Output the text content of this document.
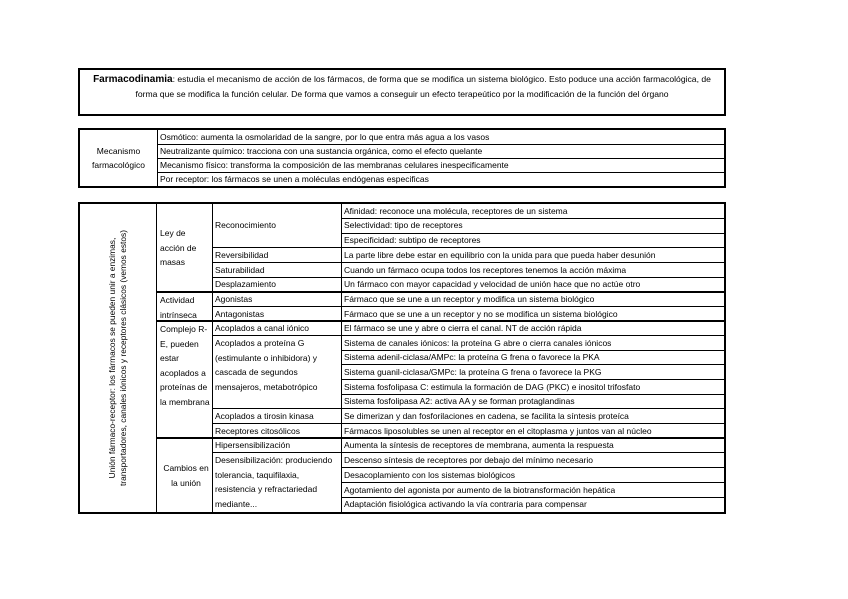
Farmacodinamia: estudia el mecanismo de acción de los fármacos, de forma que se modifica un sistema biológico. Esto poduce una acción farmacológica, de forma que se modifica la función celular. De forma que vamos a conseguir un efecto terapeútico por la modificación de la función del órgano
Mecanismo farmacológico
Osmótico: aumenta la osmolaridad de la sangre, por lo que entra más agua a los vasos
Neutralizante químico: tracciona con una sustancia orgánica, como el efecto quelante
Mecanismo físico: transforma la composición de las membranas celulares inespecificamente
Por receptor: los fármacos se unen a moléculas endógenas especificas
Unión fármaco-receptor: los fármacos se pueden unir a enzimas, transportadores, canales iónicos y receptores clásicos (vemos estos)	Ley de acción de masas
Actividad intrínseca
Complejo R-E, pueden estar acoplados a proteínas de la membrana
Cambios en la unión
Reconocimiento
Reversibilidad
Saturabilidad
Desplazamiento
Agonistas
Antagonistas
Acoplados a canal iónico
Acoplados a proteína G (estimulante o inhibidora) y cascada de segundos mensajeros, metabotrópico
Acoplados a tirosin kinasa
Receptores citosólicos
Hipersensibilización
Desensibilización: produciendo tolerancia, taquifilaxia, resistencia y refractariedad mediante...
Afinidad: reconoce una molécula, receptores de un sistema
Selectividad: tipo de receptores
Especificidad: subtipo de receptores
La parte libre debe estar en equilibrio con la unida para que pueda haber desunión
Cuando un fármaco ocupa todos los receptores tenemos la acción máxima
Un fármaco con mayor capacidad y velocidad de unión hace que no actúe otro
Fármaco que se une a un receptor y modifica un sistema biológico
Fármaco que se une a un receptor y no se modifica un sistema biológico
El fármaco se une y abre o cierra el canal. NT de acción rápida
Sistema de canales iónicos: la proteína G abre o cierra canales iónicos
Sistema adenil-ciclasa/AMPc: la proteína G frena o favorece la PKA
Sistema guanil-ciclasa/GMPc: la proteína G frena o favorece la PKG
Sistema fosfolipasa C: estimula la formación de DAG (PKC) e inositol trifosfato
Sistema fosfolipasa A2: activa AA y se forman protaglandinas
Se dimerizan y dan fosforilaciones en cadena, se facilita la síntesis proteíca
Fármacos liposolubles se unen al receptor en el citoplasma y juntos van al núcleo
Aumenta la síntesis de receptores de membrana, aumenta la respuesta
Descenso síntesis de receptores por debajo del mínimo necesario
Desacoplamiento con los sistemas biológicos
Agotamiento del agonista por aumento de la biotransformación hepática
Adaptación fisiológica activando la vía contraria para compensar
